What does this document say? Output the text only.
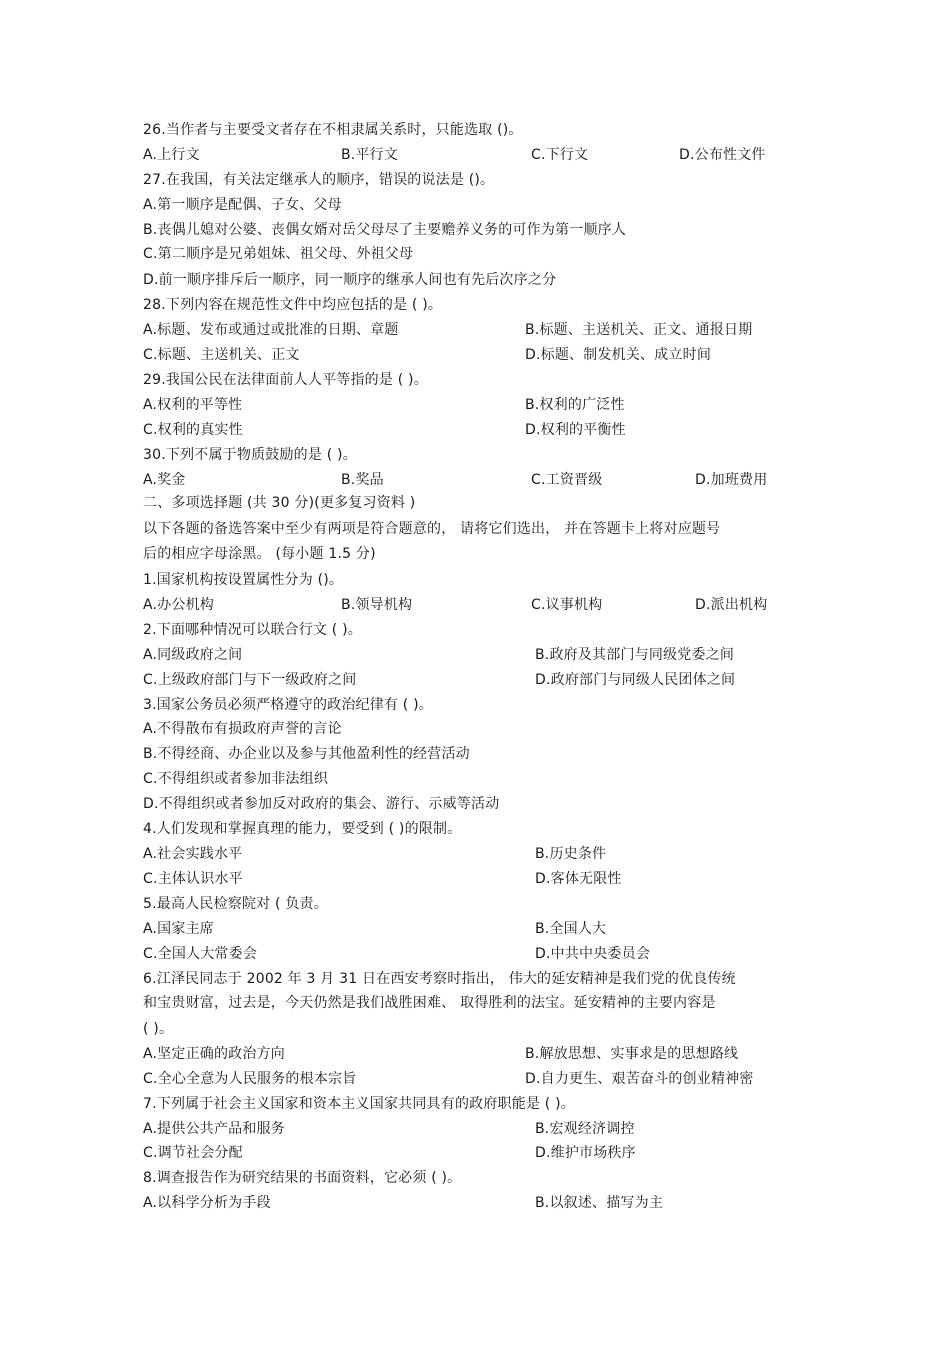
26.当作者与主要受文者存在不相隶属关系时，只能选取 ()。
A.上行文	B.平行文	C.下行文	D.公布性文件
27.在我国，有关法定继承人的顺序，错误的说法是 ()。
A.第一顺序是配偶、子女、父母
B.丧偶儿媳对公婆、丧偶女婿对岳父母尽了主要赡养义务的可作为第一顺序人
C.第二顺序是兄弟姐妹、祖父母、外祖父母
D.前一顺序排斥后一顺序，同一顺序的继承人间也有先后次序之分
28.下列内容在规范性文件中均应包括的是 ( )。
A.标题、发布或通过或批准的日期、章题	B.标题、主送机关、正文、通报日期
C.标题、主送机关、正文	D.标题、制发机关、成立时间
29.我国公民在法律面前人人平等指的是 ( )。
A.权利的平等性	B.权利的广泛性
C.权利的真实性	D.权利的平衡性
30.下列不属于物质鼓励的是 ( )。
A.奖金	B.奖品	C.工资晋级	D.加班费用
二、多项选择题 (共 30 分)(更多复习资料 )
以下各题的备选答案中至少有两项是符合题意的， 请将它们选出， 并在答题卡上将对应题号
后的相应字母涂黑。 (每小题 1.5 分)
1.国家机构按设置属性分为 ()。
A.办公机构	B.领导机构	C.议事机构	D.派出机构
2.下面哪种情况可以联合行文 ( )。
A.同级政府之间	B.政府及其部门与同级党委之间
C.上级政府部门与下一级政府之间	D.政府部门与同级人民团体之间
3.国家公务员必须严格遵守的政治纪律有 ( )。
A.不得散布有损政府声誉的言论
B.不得经商、办企业以及参与其他盈利性的经营活动
C.不得组织或者参加非法组织
D.不得组织或者参加反对政府的集会、游行、示威等活动
4.人们发现和掌握真理的能力，要受到 ( )的限制。
A.社会实践水平	B.历史条件
C.主体认识水平	D.客体无限性
5.最高人民检察院对 ( 负责。
A.国家主席	B.全国人大
C.全国人大常委会	D.中共中央委员会
6.江泽民同志于 2002 年 3 月 31 日在西安考察时指出， 伟大的延安精神是我们党的优良传统
和宝贵财富，过去是，今天仍然是我们战胜困难、 取得胜利的法宝。延安精神的主要内容是
( )。
A.坚定正确的政治方向	B.解放思想、实事求是的思想路线
C.全心全意为人民服务的根本宗旨	D.自力更生、艰苦奋斗的创业精神密
7.下列属于社会主义国家和资本主义国家共同具有的政府职能是 ( )。
A.提供公共产品和服务	B.宏观经济调控
C.调节社会分配	D.维护市场秩序
8.调查报告作为研究结果的书面资料，它必须 ( )。
A.以科学分析为手段	B.以叙述、描写为主
